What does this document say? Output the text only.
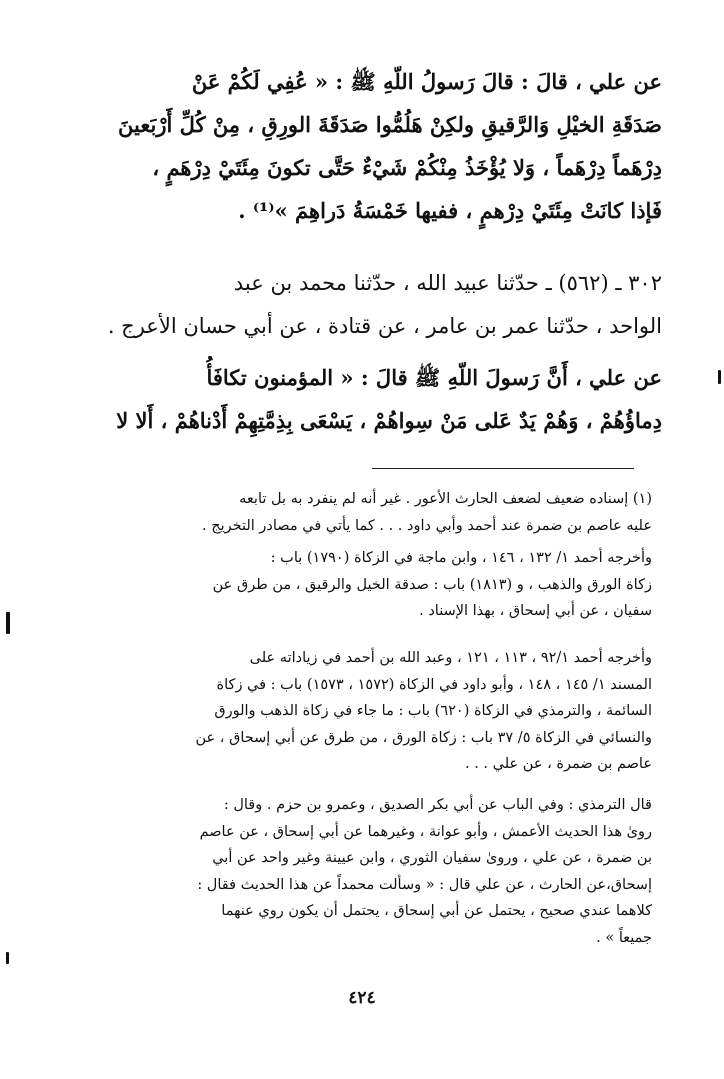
عن علي ، قالَ : قالَ رَسولُ اللّهِ ﷺ : « عُفِي لَكُمْ عَنْ
صَدَقَةِ الخيْلِ وَالرَّقيقِ ولكِنْ هَلُمُّوا صَدَقَةَ الورِقِ ، مِنْ كُلِّ أَرْبَعينَ
دِرْهَماً دِرْهَماً ، وَلا يُؤْخَذُ مِنْكُمْ شَيْءٌ حَتَّى تكونَ مِئَتَيْ دِرْهَمٍ ،
فَإذا كانَتْ مِئَتَيْ دِرْهمٍ ، ففيها خَمْسَةُ دَراهِمَ »⁽¹⁾ .
٣٠٢ ـ (٥٦٢) ـ حدّثنا عبيد الله ، حدّثنا محمد بن عبد
الواحد ، حدّثنا عمر بن عامر ، عن قتادة ، عن أبي حسان الأعرج .
عن علي ، أَنَّ رَسولَ اللّهِ ﷺ قالَ : « المؤمنون تكافَأُ
دِماؤُهُمْ ، وَهُمْ يَدٌ عَلى مَنْ سِواهُمْ ، يَسْعَى بِذِمَّتِهِمْ أَدْناهُمْ ، أَلا لا
(١) إسناده ضعيف لضعف الحارث الأعور . غير أنه لم ينفرد به بل تابعه
عليه عاصم بن ضمرة عند أحمد وأبي داود . . . كما يأتي في مصادر التخريج .
وأخرجه أحمد ١/ ١٣٢ ، ١٤٦ ، وابن ماجة في الزكاة (١٧٩٠) باب :
زكاة الورق والذهب ، و (١٨١٣) باب : صدقة الخيل والرقيق ، من طرق عن
سفيان ، عن أبي إسحاق ، بهذا الإسناد .
وأخرجه أحمد ٩٢/١ ، ١١٣ ، ١٢١ ، وعبد الله بن أحمد في زياداته على
المسند ١/ ١٤٥ ، ١٤٨ ، وأبو داود في الزكاة (١٥٧٢ ، ١٥٧٣) باب : في زكاة
السائمة ، والترمذي في الزكاة (٦٢٠) باب : ما جاء في زكاة الذهب والورق
والنسائي في الزكاة ٥/ ٣٧ باب : زكاة الورق ، من طرق عن أبي إسحاق ، عن
عاصم بن ضمرة ، عن علي . . .
قال الترمذي : وفي الباب عن أبي بكر الصديق ، وعمرو بن حزم . وقال :
روىٰ هذا الحديث الأعمش ، وأبو عوانة ، وغيرهما عن أبي إسحاق ، عن عاصم
بن ضمرة ، عن علي ، وروىٰ سفيان الثوري ، وابن عيينة وغير واحد عن أبي
إسحاق،عن الحارث ، عن علي قال : « وسألت محمداً عن هذا الحديث فقال :
كلاهما عندي صحيح ، يحتمل عن أبي إسحاق ، يحتمل أن يكون روي عنهما
جميعاً » .
٤٢٤
